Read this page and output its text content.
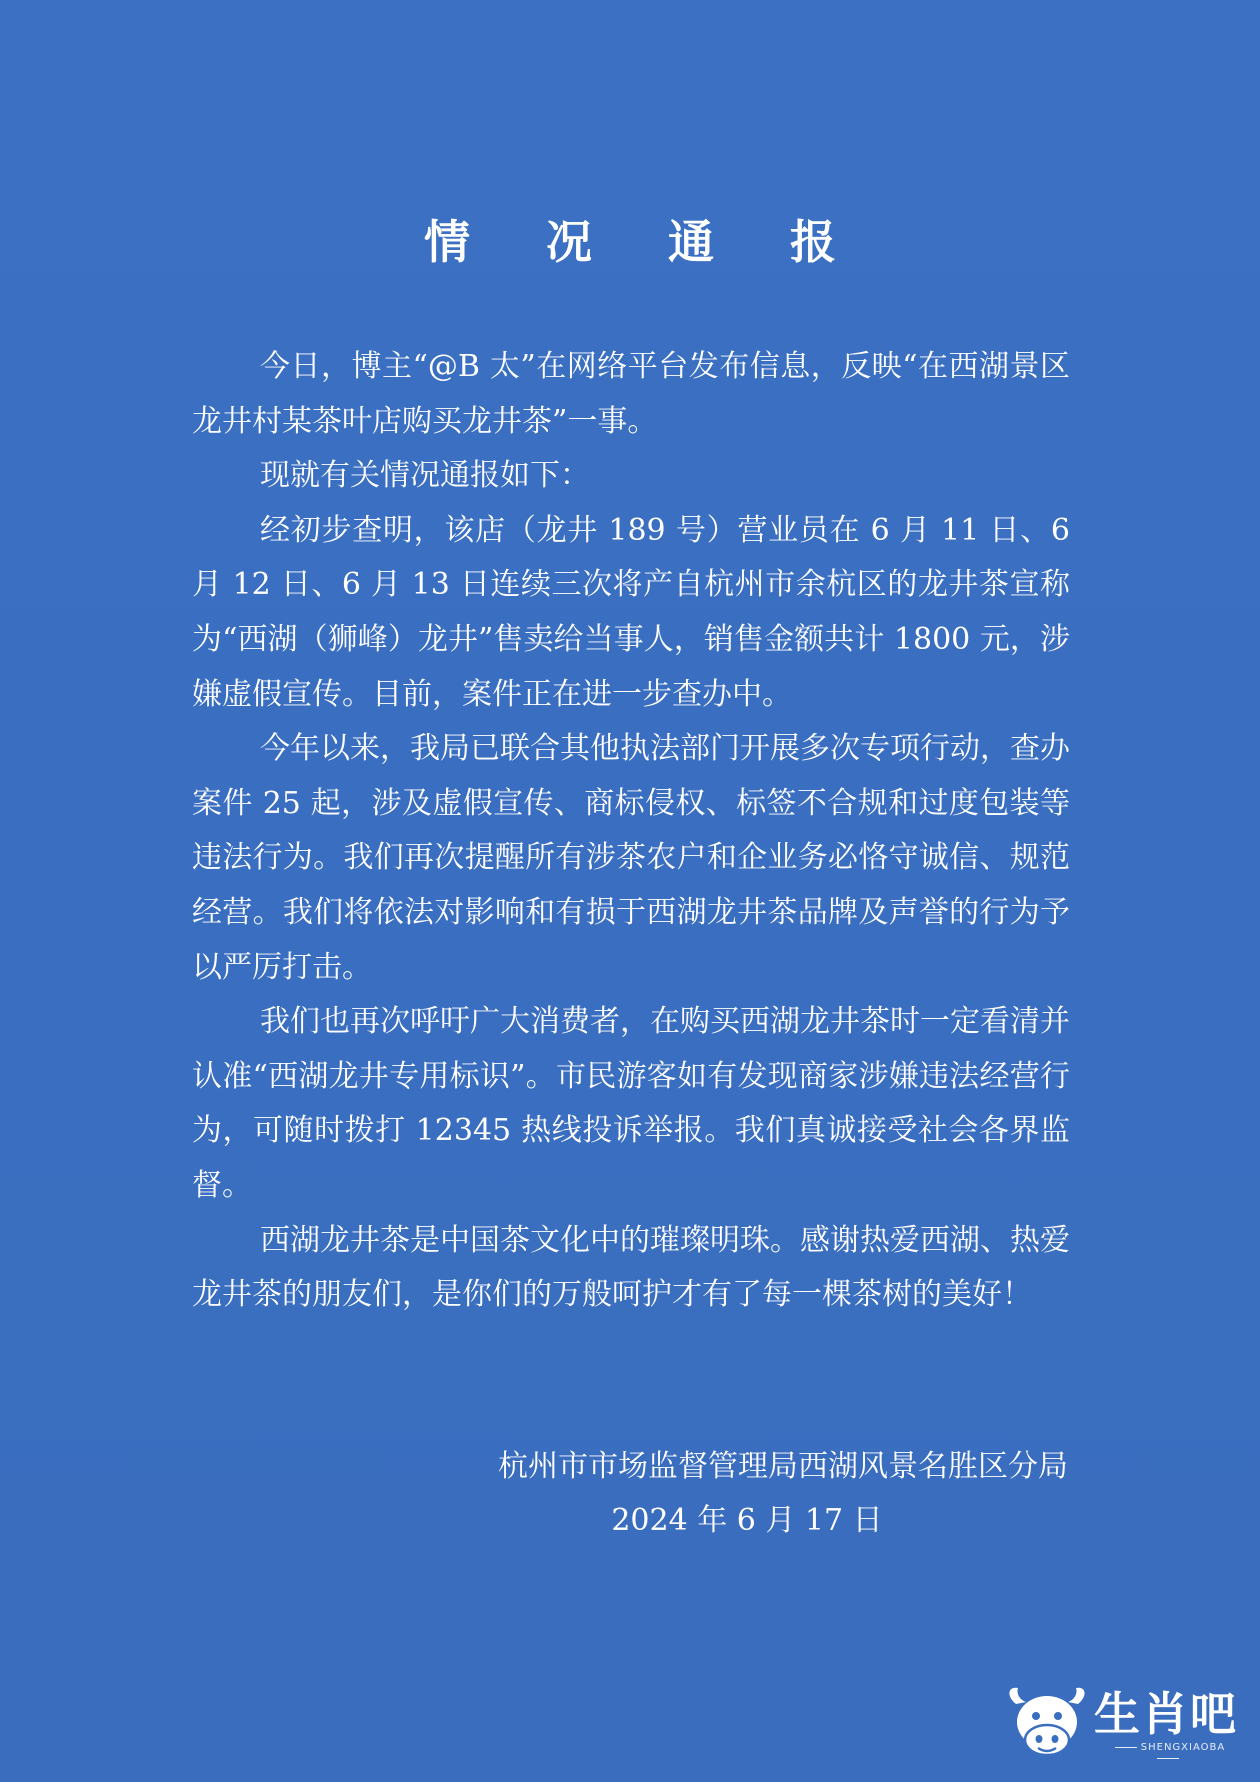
情 况 通 报

今日，博主“@B 太”在网络平台发布信息，反映“在西湖景区龙井村某茶叶店购买龙井茶”一事。

现就有关情况通报如下：

经初步查明，该店（龙井 189 号）营业员在 6 月 11 日、6 月 12 日、6 月 13 日连续三次将产自杭州市余杭区的龙井茶宣称为“西湖（狮峰）龙井”售卖给当事人，销售金额共计 1800 元，涉嫌虚假宣传。目前，案件正在进一步查办中。

今年以来，我局已联合其他执法部门开展多次专项行动，查办案件 25 起，涉及虚假宣传、商标侵权、标签不合规和过度包装等违法行为。我们再次提醒所有涉茶农户和企业务必恪守诚信、规范经营。我们将依法对影响和有损于西湖龙井茶品牌及声誉的行为予以严厉打击。

我们也再次呼吁广大消费者，在购买西湖龙井茶时一定看清并认准“西湖龙井专用标识”。市民游客如有发现商家涉嫌违法经营行为，可随时拨打 12345 热线投诉举报。我们真诚接受社会各界监督。

西湖龙井茶是中国茶文化中的璀璨明珠。感谢热爱西湖、热爱龙井茶的朋友们，是你们的万般呵护才有了每一棵茶树的美好！

杭州市市场监督管理局西湖风景名胜区分局
2024 年 6 月 17 日
生肖吧
SHENGXIAOBA
